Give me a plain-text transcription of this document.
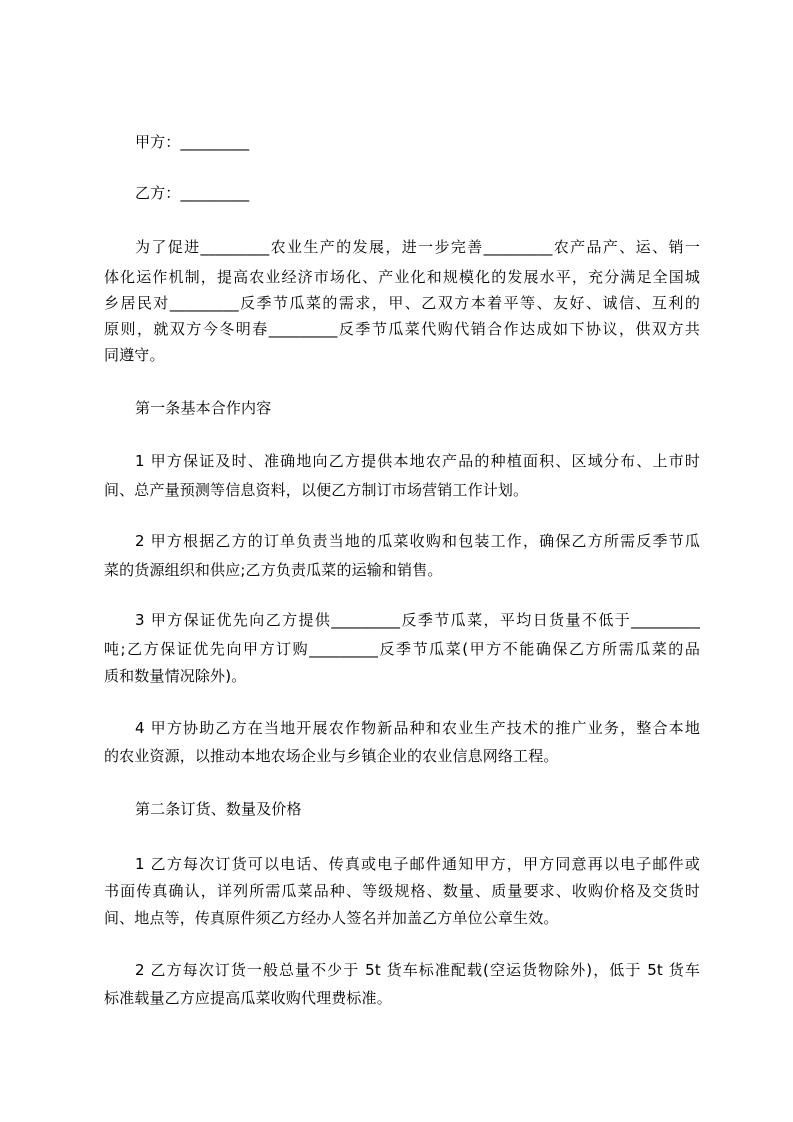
甲方：_________

乙方：_________

为了促进_________农业生产的发展，进一步完善_________农产品产、运、销一

体化运作机制，提高农业经济市场化、产业化和规模化的发展水平，充分满足全国城

乡居民对_________反季节瓜菜的需求，甲、乙双方本着平等、友好、诚信、互利的

原则，就双方今冬明春_________反季节瓜菜代购代销合作达成如下协议，供双方共

同遵守。

第一条基本合作内容

1 甲方保证及时、准确地向乙方提供本地农产品的种植面积、区域分布、上市时

间、总产量预测等信息资料，以便乙方制订市场营销工作计划。

2 甲方根据乙方的订单负责当地的瓜菜收购和包装工作，确保乙方所需反季节瓜

菜的货源组织和供应;乙方负责瓜菜的运输和销售。

3 甲方保证优先向乙方提供_________反季节瓜菜，平均日货量不低于_________

吨;乙方保证优先向甲方订购_________反季节瓜菜(甲方不能确保乙方所需瓜菜的品

质和数量情况除外)。

4 甲方协助乙方在当地开展农作物新品种和农业生产技术的推广业务，整合本地

的农业资源，以推动本地农场企业与乡镇企业的农业信息网络工程。

第二条订货、数量及价格

1 乙方每次订货可以电话、传真或电子邮件通知甲方，甲方同意再以电子邮件或

书面传真确认，详列所需瓜菜品种、等级规格、数量、质量要求、收购价格及交货时

间、地点等，传真原件须乙方经办人签名并加盖乙方单位公章生效。

2 乙方每次订货一般总量不少于 5t 货车标准配载(空运货物除外)，低于 5t 货车

标准载量乙方应提高瓜菜收购代理费标准。
